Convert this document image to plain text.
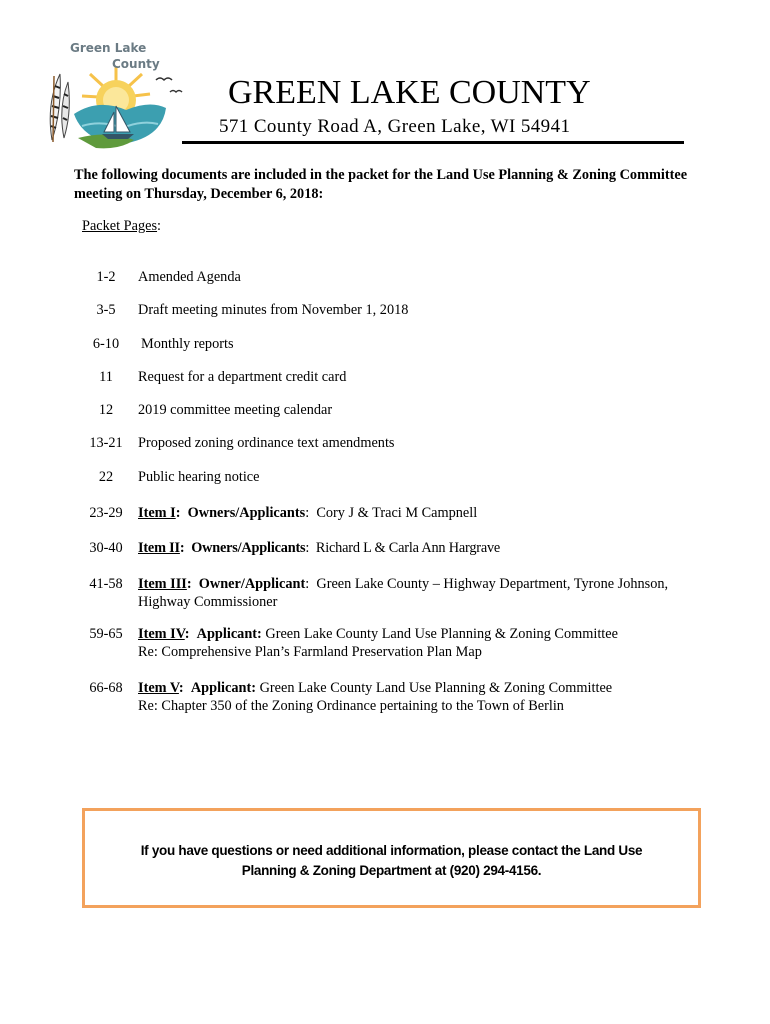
Green Lake
County
GREEN LAKE COUNTY
571 County Road A, Green Lake, WI 54941
The following documents are included in the packet for the Land Use Planning & Zoning Committee meeting on Thursday, December 6, 2018:
Packet Pages:
1-2	Amended Agenda
3-5	Draft meeting minutes from November 1, 2018
6-10	Monthly reports
11	Request for a department credit card
12	2019 committee meeting calendar
13-21	Proposed zoning ordinance text amendments
22	Public hearing notice
23-29	Item I: Owners/Applicants: Cory J & Traci M Campnell
30-40	Item II: Owners/Applicants: Richard L & Carla Ann Hargrave
41-58	Item III: Owner/Applicant: Green Lake County – Highway Department, Tyrone Johnson,
Highway Commissioner
59-65	Item IV: Applicant: Green Lake County Land Use Planning & Zoning Committee
Re: Comprehensive Plan’s Farmland Preservation Plan Map
66-68	Item V: Applicant: Green Lake County Land Use Planning & Zoning Committee
Re: Chapter 350 of the Zoning Ordinance pertaining to the Town of Berlin
If you have questions or need additional information, please contact the Land Use
Planning & Zoning Department at (920) 294-4156.
